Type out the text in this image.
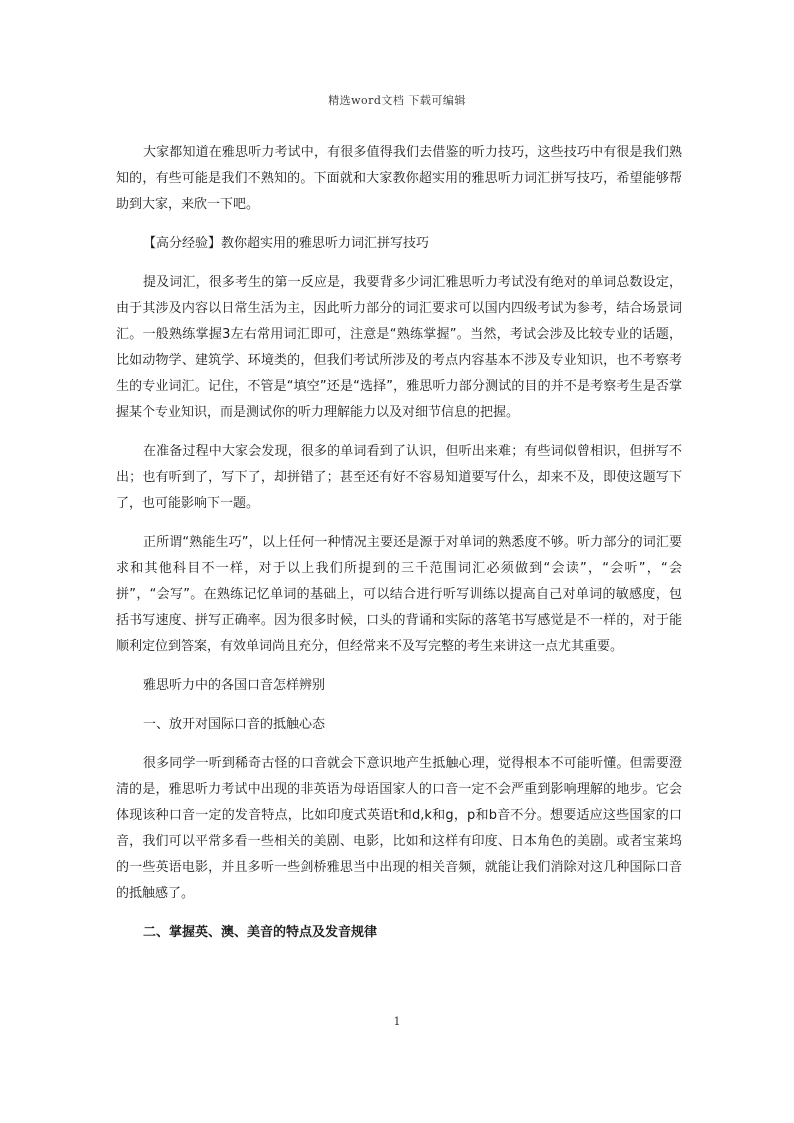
精选word文档 下载可编辑

大家都知道在雅思听力考试中，有很多值得我们去借鉴的听力技巧，这些技巧中有很是我们熟知的，有些可能是我们不熟知的。下面就和大家教你超实用的雅思听力词汇拼写技巧，希望能够帮助到大家，来欣一下吧。

【高分经验】教你超实用的雅思听力词汇拼写技巧

提及词汇，很多考生的第一反应是，我要背多少词汇雅思听力考试没有绝对的单词总数设定，由于其涉及内容以日常生活为主，因此听力部分的词汇要求可以国内四级考试为参考，结合场景词汇。一般熟练掌握3左右常用词汇即可，注意是“熟练掌握”。当然，考试会涉及比较专业的话题，比如动物学、建筑学、环境类的，但我们考试所涉及的考点内容基本不涉及专业知识，也不考察考生的专业词汇。记住，不管是“填空”还是“选择”，雅思听力部分测试的目的并不是考察考生是否掌握某个专业知识，而是测试你的听力理解能力以及对细节信息的把握。

在准备过程中大家会发现，很多的单词看到了认识，但听出来难；有些词似曾相识，但拼写不出；也有听到了，写下了，却拼错了；甚至还有好不容易知道要写什么，却来不及，即使这题写下了，也可能影响下一题。

正所谓“熟能生巧”，以上任何一种情况主要还是源于对单词的熟悉度不够。听力部分的词汇要求和其他科目不一样，对于以上我们所提到的三千范围词汇必须做到“会读”，“会听”，“会拼”，“会写”。在熟练记忆单词的基础上，可以结合进行听写训练以提高自己对单词的敏感度，包括书写速度、拼写正确率。因为很多时候，口头的背诵和实际的落笔书写感觉是不一样的，对于能顺利定位到答案，有效单词尚且充分，但经常来不及写完整的考生来讲这一点尤其重要。

雅思听力中的各国口音怎样辨别

一、放开对国际口音的抵触心态

很多同学一听到稀奇古怪的口音就会下意识地产生抵触心理，觉得根本不可能听懂。但需要澄清的是，雅思听力考试中出现的非英语为母语国家人的口音一定不会严重到影响理解的地步。它会体现该种口音一定的发音特点，比如印度式英语t和d,k和g，p和b音不分。想要适应这些国家的口音，我们可以平常多看一些相关的美剧、电影，比如和这样有印度、日本角色的美剧。或者宝莱坞的一些英语电影，并且多听一些剑桥雅思当中出现的相关音频，就能让我们消除对这几种国际口音的抵触感了。

二、掌握英、澳、美音的特点及发音规律

1
